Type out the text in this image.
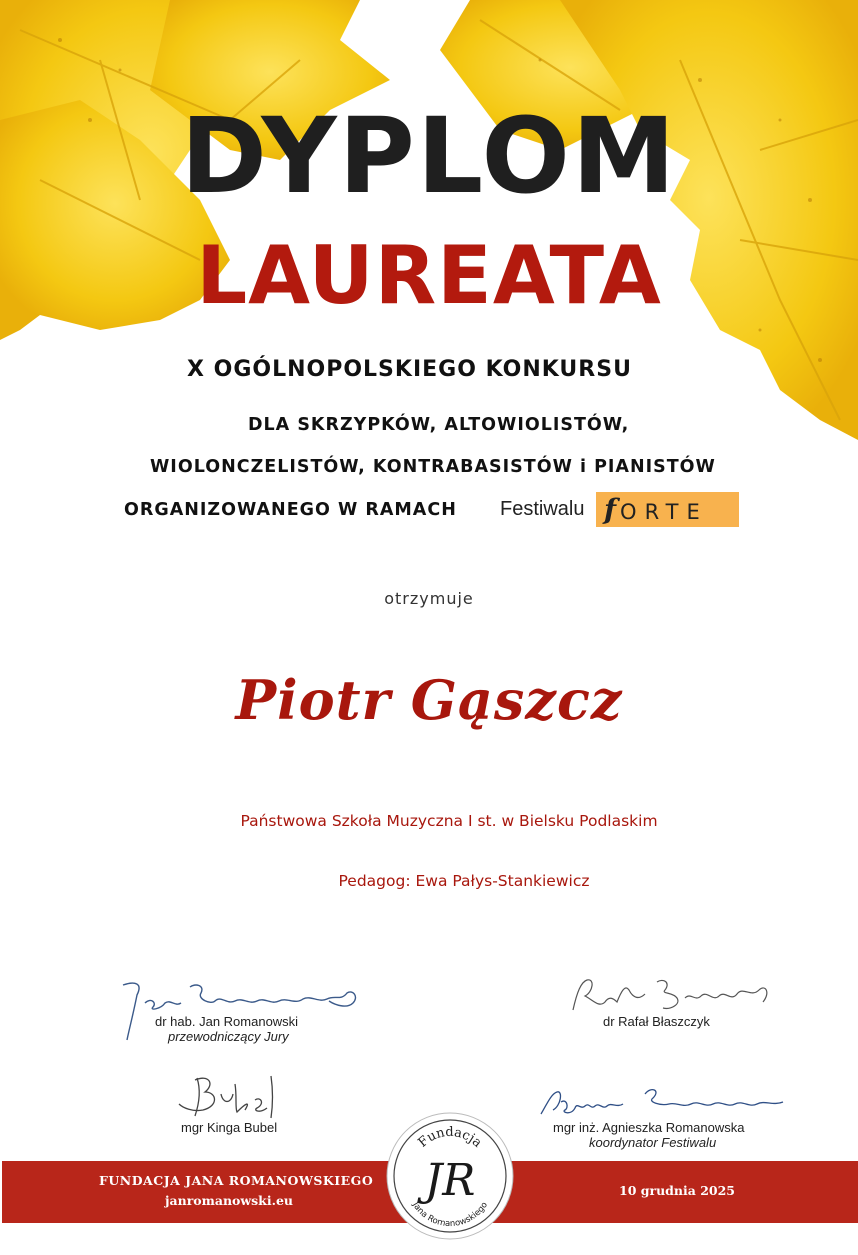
DYPLOM
LAUREATA
X OGÓLNOPOLSKIEGO KONKURSU
DLA SKRZYPKÓW, ALTOWIOLISTÓW,
WIOLONCZELISTÓW, KONTRABASISTÓW i PIANISTÓW
ORGANIZOWANEGO W RAMACH Festiwalu fORTE
otrzymuje
Piotr Gąszcz
Państwowa Szkoła Muzyczna I st. w Bielsku Podlaskim
Pedagog: Ewa Pałys-Stankiewicz
dr hab. Jan Romanowski
przewodniczący Jury
dr Rafał Błaszczyk
mgr Kinga Bubel	mgr inż. Agnieszka Romanowska
koordynator Festiwalu
FUNDACJA JANA ROMANOWSKIEGO
janromanowski.eu
10 grudnia 2025
Fundacja
JR
Jana Romanowskiego
